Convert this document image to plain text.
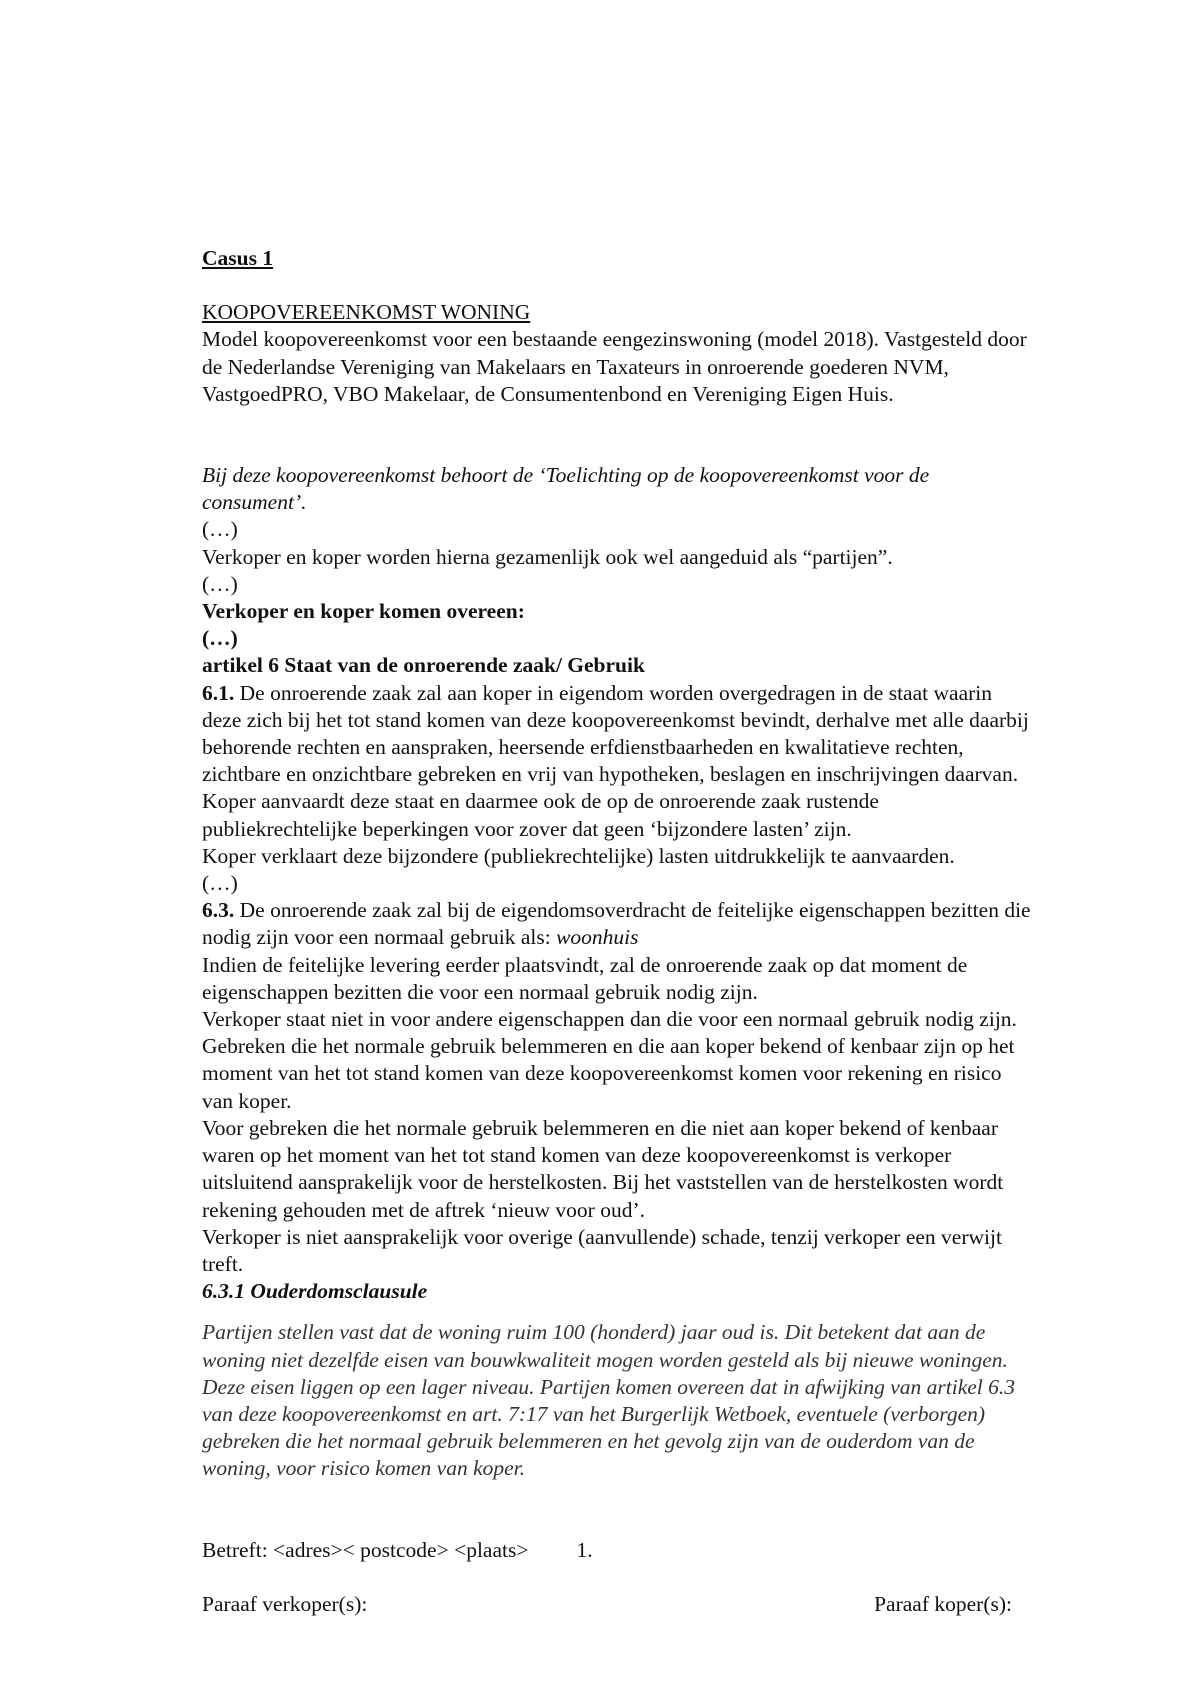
Casus 1
KOOPOVEREENKOMST WONING
Model koopovereenkomst voor een bestaande eengezinswoning (model 2018). Vastgesteld door
de Nederlandse Vereniging van Makelaars en Taxateurs in onroerende goederen NVM,
VastgoedPRO, VBO Makelaar, de Consumentenbond en Vereniging Eigen Huis.
Bij deze koopovereenkomst behoort de ‘Toelichting op de koopovereenkomst voor de
consument’.
(…)
Verkoper en koper worden hierna gezamenlijk ook wel aangeduid als “partijen”.
(…)
Verkoper en koper komen overeen:
(…)
artikel 6 Staat van de onroerende zaak/ Gebruik
6.1. De onroerende zaak zal aan koper in eigendom worden overgedragen in de staat waarin
deze zich bij het tot stand komen van deze koopovereenkomst bevindt, derhalve met alle daarbij
behorende rechten en aanspraken, heersende erfdienstbaarheden en kwalitatieve rechten,
zichtbare en onzichtbare gebreken en vrij van hypotheken, beslagen en inschrijvingen daarvan.
Koper aanvaardt deze staat en daarmee ook de op de onroerende zaak rustende
publiekrechtelijke beperkingen voor zover dat geen ‘bijzondere lasten’ zijn.
Koper verklaart deze bijzondere (publiekrechtelijke) lasten uitdrukkelijk te aanvaarden.
(…)
6.3. De onroerende zaak zal bij de eigendomsoverdracht de feitelijke eigenschappen bezitten die
nodig zijn voor een normaal gebruik als: woonhuis
Indien de feitelijke levering eerder plaatsvindt, zal de onroerende zaak op dat moment de
eigenschappen bezitten die voor een normaal gebruik nodig zijn.
Verkoper staat niet in voor andere eigenschappen dan die voor een normaal gebruik nodig zijn.
Gebreken die het normale gebruik belemmeren en die aan koper bekend of kenbaar zijn op het
moment van het tot stand komen van deze koopovereenkomst komen voor rekening en risico
van koper.
Voor gebreken die het normale gebruik belemmeren en die niet aan koper bekend of kenbaar
waren op het moment van het tot stand komen van deze koopovereenkomst is verkoper
uitsluitend aansprakelijk voor de herstelkosten. Bij het vaststellen van de herstelkosten wordt
rekening gehouden met de aftrek ‘nieuw voor oud’.
Verkoper is niet aansprakelijk voor overige (aanvullende) schade, tenzij verkoper een verwijt
treft.
6.3.1 Ouderdomsclausule
Partijen stellen vast dat de woning ruim 100 (honderd) jaar oud is. Dit betekent dat aan de
woning niet dezelfde eisen van bouwkwaliteit mogen worden gesteld als bij nieuwe woningen.
Deze eisen liggen op een lager niveau. Partijen komen overeen dat in afwijking van artikel 6.3
van deze koopovereenkomst en art. 7:17 van het Burgerlijk Wetboek, eventuele (verborgen)
gebreken die het normaal gebruik belemmeren en het gevolg zijn van de ouderdom van de
woning, voor risico komen van koper.
Betreft: ˂adres˃˂ postcode˃ ˂plaats˃ 1.
Paraaf verkoper(s):	Paraaf koper(s):
